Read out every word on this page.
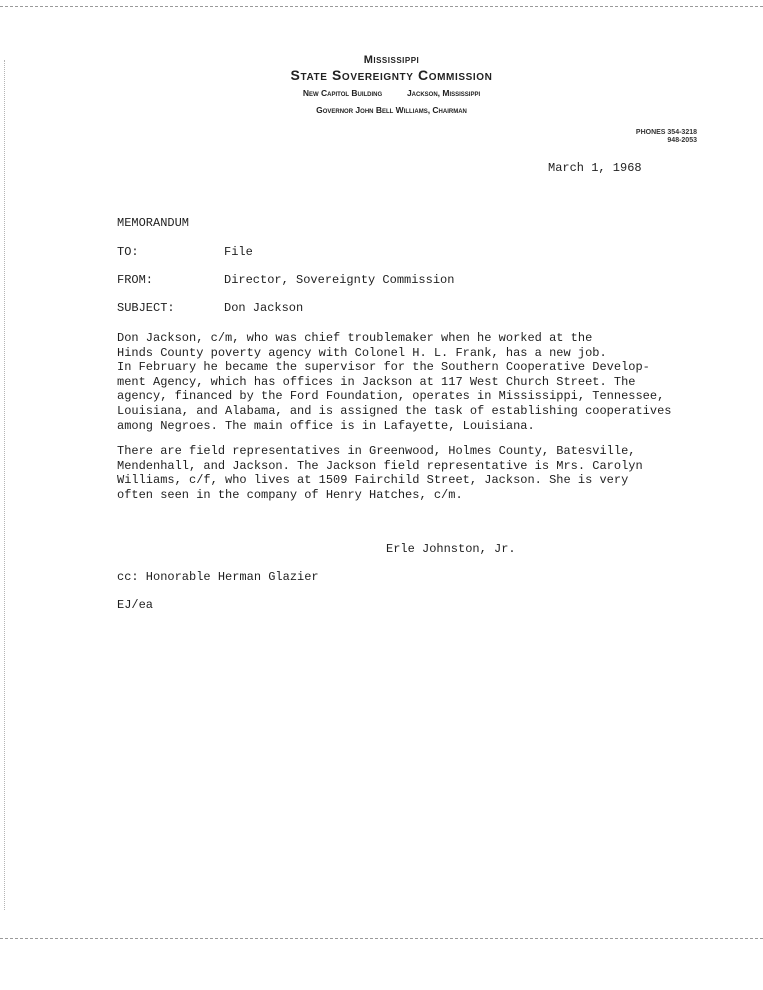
Mississippi
State Sovereignty Commission
New Capitol Building	Jackson, Mississippi
Governor John Bell Williams, Chairman
PHONES 354-3218
948-2053
March 1, 1968
MEMORANDUM
TO:	File
FROM:	Director, Sovereignty Commission
SUBJECT:	Don Jackson
Don Jackson, c/m, who was chief troublemaker when he worked at the
Hinds County poverty agency with Colonel H. L. Frank, has a new job.
In February he became the supervisor for the Southern Cooperative Develop-
ment Agency, which has offices in Jackson at 117 West Church Street. The
agency, financed by the Ford Foundation, operates in Mississippi, Tennessee,
Louisiana, and Alabama, and is assigned the task of establishing cooperatives
among Negroes. The main office is in Lafayette, Louisiana.
There are field representatives in Greenwood, Holmes County, Batesville,
Mendenhall, and Jackson. The Jackson field representative is Mrs. Carolyn
Williams, c/f, who lives at 1509 Fairchild Street, Jackson. She is very
often seen in the company of Henry Hatches, c/m.
Erle Johnston, Jr.
cc: Honorable Herman Glazier
EJ/ea
